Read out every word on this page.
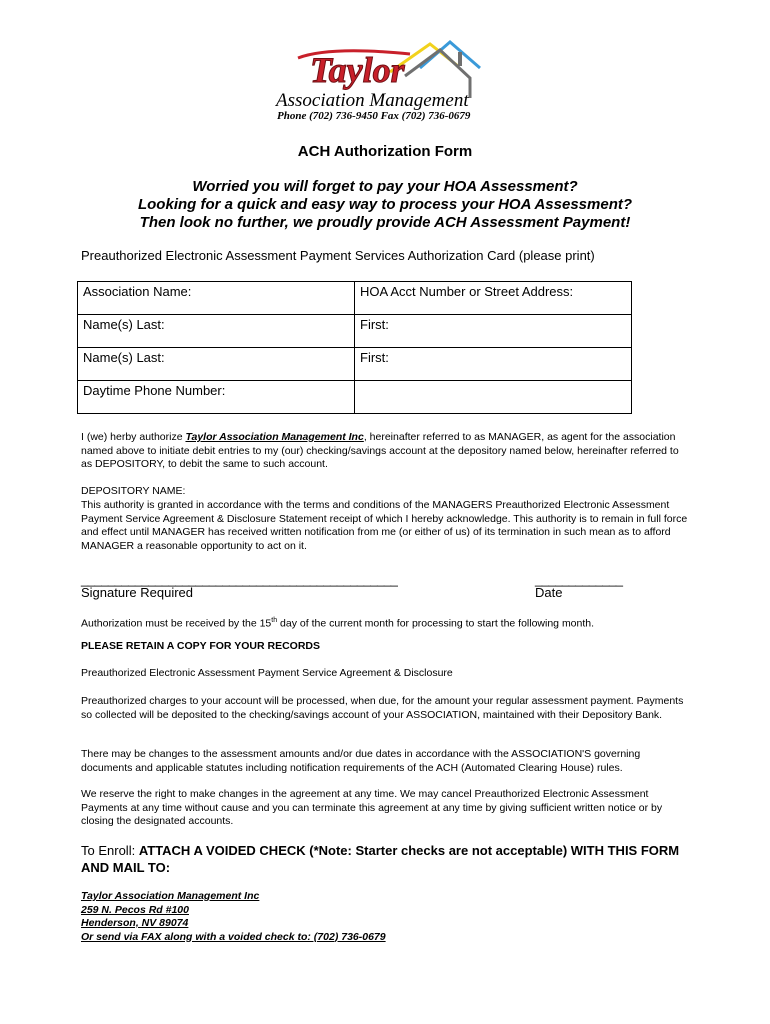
Taylor
Association Management
Phone (702) 736-9450 Fax (702) 736-0679
ACH Authorization Form
Worried you will forget to pay your HOA Assessment?
Looking for a quick and easy way to process your HOA Assessment?
Then look no further, we proudly provide ACH Assessment Payment!
Preauthorized Electronic Assessment Payment Services Authorization Card (please print)
Association Name:	HOA Acct Number or Street Address:
Name(s) Last:	First:
Name(s) Last:	First:
Daytime Phone Number:	
I (we) herby authorize Taylor Association Management Inc, hereinafter referred to as MANAGER, as agent for the association named above to initiate debit entries to my (our) checking/savings account at the depository named below, hereinafter referred to as DEPOSITORY, to debit the same to such account.
DEPOSITORY NAME:
This authority is granted in accordance with the terms and conditions of the MANAGERS Preauthorized Electronic Assessment Payment Service Agreement & Disclosure Statement receipt of which I hereby acknowledge. This authority is to remain in full force and effect until MANAGER has received written notification from me (or either of us) of its termination in such mean as to afford MANAGER a reasonable opportunity to act on it.
_______________________________________________	_____________
Signature Required	Date
Authorization must be received by the 15th day of the current month for processing to start the following month.
PLEASE RETAIN A COPY FOR YOUR RECORDS
Preauthorized Electronic Assessment Payment Service Agreement & Disclosure
Preauthorized charges to your account will be processed, when due, for the amount your regular assessment payment. Payments so collected will be deposited to the checking/savings account of your ASSOCIATION, maintained with their Depository Bank.
There may be changes to the assessment amounts and/or due dates in accordance with the ASSOCIATION'S governing documents and applicable statutes including notification requirements of the ACH (Automated Clearing House) rules.
We reserve the right to make changes in the agreement at any time. We may cancel Preauthorized Electronic Assessment Payments at any time without cause and you can terminate this agreement at any time by giving sufficient written notice or by closing the designated accounts.
To Enroll: ATTACH A VOIDED CHECK (*Note: Starter checks are not acceptable) WITH THIS FORM AND MAIL TO:
Taylor Association Management Inc
259 N. Pecos Rd #100
Henderson, NV 89074
Or send via FAX along with a voided check to: (702) 736-0679
